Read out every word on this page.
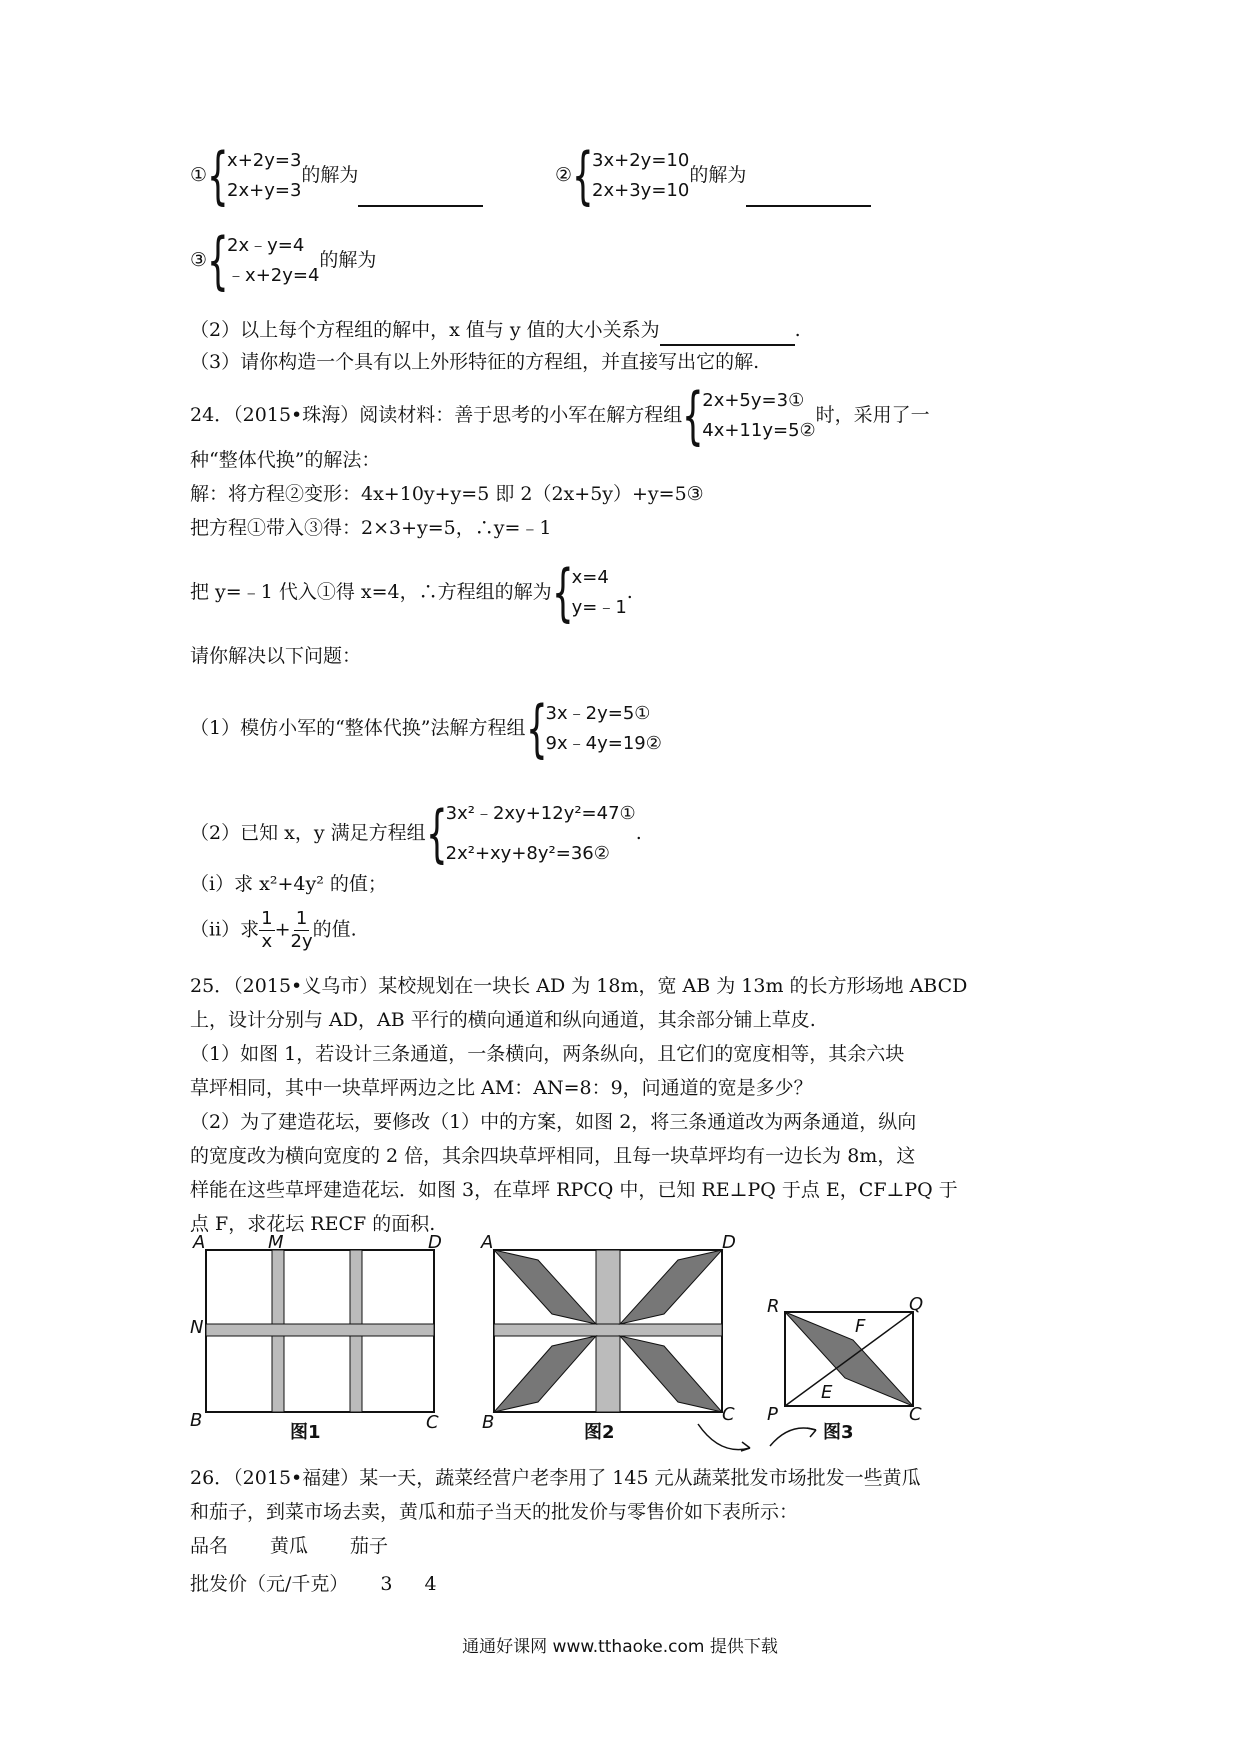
① {
x+2y=3
2x+y=3
的解为	② {
3x+2y=10
2x+3y=10
的解为
③ {
2x﹣y=4
﹣x+2y=4
的解为
（2）以上每个方程组的解中，x 值与 y 值的大小关系为	.
（3）请你构造一个具有以上外形特征的方程组，并直接写出它的解.
24．（2015•珠海）阅读材料：善于思考的小军在解方程组 {
2x+5y=3①
4x+11y=5②
时，采用了一
种“整体代换”的解法：
解：将方程②变形：4x+10y+y=5 即 2（2x+5y）+y=5③
把方程①带入③得：2×3+y=5，∴y=﹣1
把 y=﹣1 代入①得 x=4，∴方程组的解为 {
x=4
y=﹣1
.
请你解决以下问题：
（1）模仿小军的“整体代换”法解方程组 {
3x﹣2y=5①
9x﹣4y=19②
（2）已知 x，y 满足方程组 {
3x²﹣2xy+12y²=47①
2x²+xy+8y²=36②
.
（i）求 x²+4y² 的值；
（ii）求 $\frac{1}{x} + \frac{1}{2y}$ 的值.
25．（2015•义乌市）某校规划在一块长 AD 为 18m，宽 AB 为 13m 的长方形场地 ABCD
上，设计分别与 AD，AB 平行的横向通道和纵向通道，其余部分铺上草皮.
（1）如图 1，若设计三条通道，一条横向，两条纵向，且它们的宽度相等，其余六块
草坪相同，其中一块草坪两边之比 AM：AN=8：9，问通道的宽是多少？
（2）为了建造花坛，要修改（1）中的方案，如图 2，将三条通道改为两条通道，纵向
的宽度改为横向宽度的 2 倍，其余四块草坪相同，且每一块草坪均有一边长为 8m，这
样能在这些草坪建造花坛．如图 3，在草坪 RPCQ 中，已知 RE⊥PQ 于点 E，CF⊥PQ 于
点 F，求花坛 RECF 的面积.
A	M	D
N
B	C
图1
A	D
B	C
图2
R	Q
F
E
P	C
图3
26．（2015•福建）某一天，蔬菜经营户老李用了 145 元从蔬菜批发市场批发一些黄瓜
和茄子，到菜市场去卖，黄瓜和茄子当天的批发价与零售价如下表所示：
品名 黄瓜 茄子
批发价（元/千克） 3 4
通通好课网 www.tthaoke.com 提供下载
